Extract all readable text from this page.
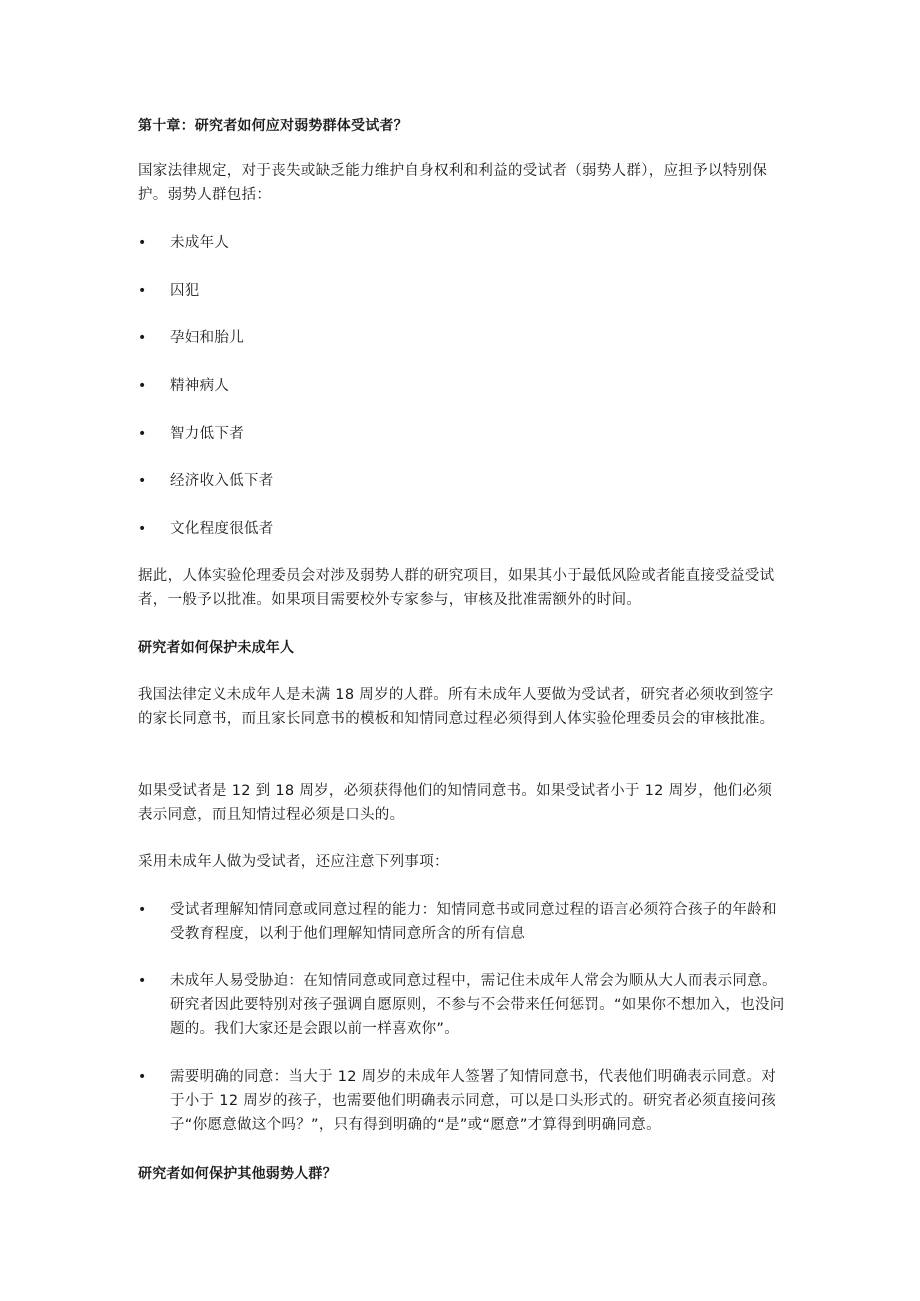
第十章：研究者如何应对弱势群体受试者？
国家法律规定，对于丧失或缺乏能力维护自身权利和利益的受试者（弱势人群），应担予以特别保护。弱势人群包括：
•	未成年人
•	囚犯
•	孕妇和胎儿
•	精神病人
•	智力低下者
•	经济收入低下者
•	文化程度很低者
据此，人体实验伦理委员会对涉及弱势人群的研究项目，如果其小于最低风险或者能直接受益受试者，一般予以批准。如果项目需要校外专家参与，审核及批准需额外的时间。
研究者如何保护未成年人
我国法律定义未成年人是未满 18 周岁的人群。所有未成年人要做为受试者，研究者必须收到签字的家长同意书，而且家长同意书的模板和知情同意过程必须得到人体实验伦理委员会的审核批准。
如果受试者是 12 到 18 周岁，必须获得他们的知情同意书。如果受试者小于 12 周岁，他们必须表示同意，而且知情过程必须是口头的。
采用未成年人做为受试者，还应注意下列事项：
•	受试者理解知情同意或同意过程的能力：知情同意书或同意过程的语言必须符合孩子的年龄和受教育程度，以利于他们理解知情同意所含的所有信息
•	未成年人易受胁迫：在知情同意或同意过程中，需记住未成年人常会为顺从大人而表示同意。研究者因此要特别对孩子强调自愿原则，不参与不会带来任何惩罚。“如果你不想加入，也没问题的。我们大家还是会跟以前一样喜欢你”。
•	需要明确的同意：当大于 12 周岁的未成年人签署了知情同意书，代表他们明确表示同意。对于小于 12 周岁的孩子，也需要他们明确表示同意，可以是口头形式的。研究者必须直接问孩子“你愿意做这个吗？”，只有得到明确的“是”或“愿意”才算得到明确同意。
研究者如何保护其他弱势人群？
